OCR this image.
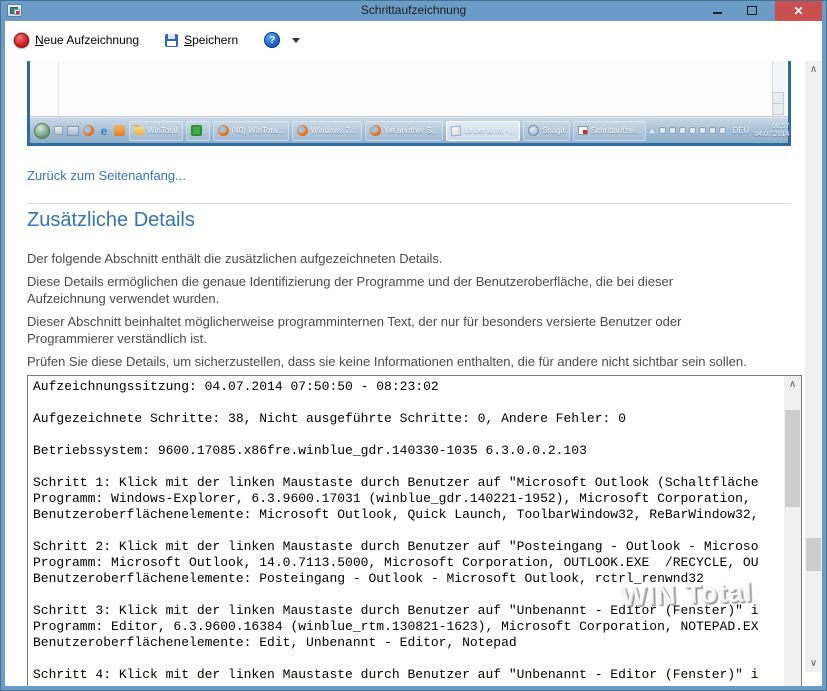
Schrittaufzeichnung	✕
Neue Aufzeichnung	Speichern	?
e
WinTotal	(40) WinTota...	Windows 7...	Yet another S...	Unbenannt -...	Snagit	Schrittaufzei...	DEU	08:57
04.07.2014
Zurück zum Seitenanfang...
Zusätzliche Details

Der folgende Abschnitt enthält die zusätzlichen aufgezeichneten Details.

Diese Details ermöglichen die genaue Identifizierung der Programme und der Benutzeroberfläche, die bei dieser
Aufzeichnung verwendet wurden.

Dieser Abschnitt beinhaltet möglicherweise programminternen Text, der nur für besonders versierte Benutzer oder
Programmierer verständlich ist.

Prüfen Sie diese Details, um sicherzustellen, dass sie keine Informationen enthalten, die für andere nicht sichtbar sein sollen.

Aufzeichnungssitzung: 04.07.2014 07:50:50 - 08:23:02

Aufgezeichnete Schritte: 38, Nicht ausgeführte Schritte: 0, Andere Fehler: 0

Betriebssystem: 9600.17085.x86fre.winblue_gdr.140330-1035 6.3.0.0.2.103

Schritt 1: Klick mit der linken Maustaste durch Benutzer auf "Microsoft Outlook (Schaltfläche
Programm: Windows-Explorer, 6.3.9600.17031 (winblue_gdr.140221-1952), Microsoft Corporation,
Benutzeroberflächenelemente: Microsoft Outlook, Quick Launch, ToolbarWindow32, ReBarWindow32,

Schritt 2: Klick mit der linken Maustaste durch Benutzer auf "Posteingang - Outlook - Microso
Programm: Microsoft Outlook, 14.0.7113.5000, Microsoft Corporation, OUTLOOK.EXE  /RECYCLE, OU
Benutzeroberflächenelemente: Posteingang - Outlook - Microsoft Outlook, rctrl_renwnd32

Schritt 3: Klick mit der linken Maustaste durch Benutzer auf "Unbenannt - Editor (Fenster)" i
Programm: Editor, 6.3.9600.16384 (winblue_rtm.130821-1623), Microsoft Corporation, NOTEPAD.EX
Benutzeroberflächenelemente: Edit, Unbenannt - Editor, Notepad

Schritt 4: Klick mit der linken Maustaste durch Benutzer auf "Unbenannt - Editor (Fenster)" i
WIN Total
∧
∧
∨
